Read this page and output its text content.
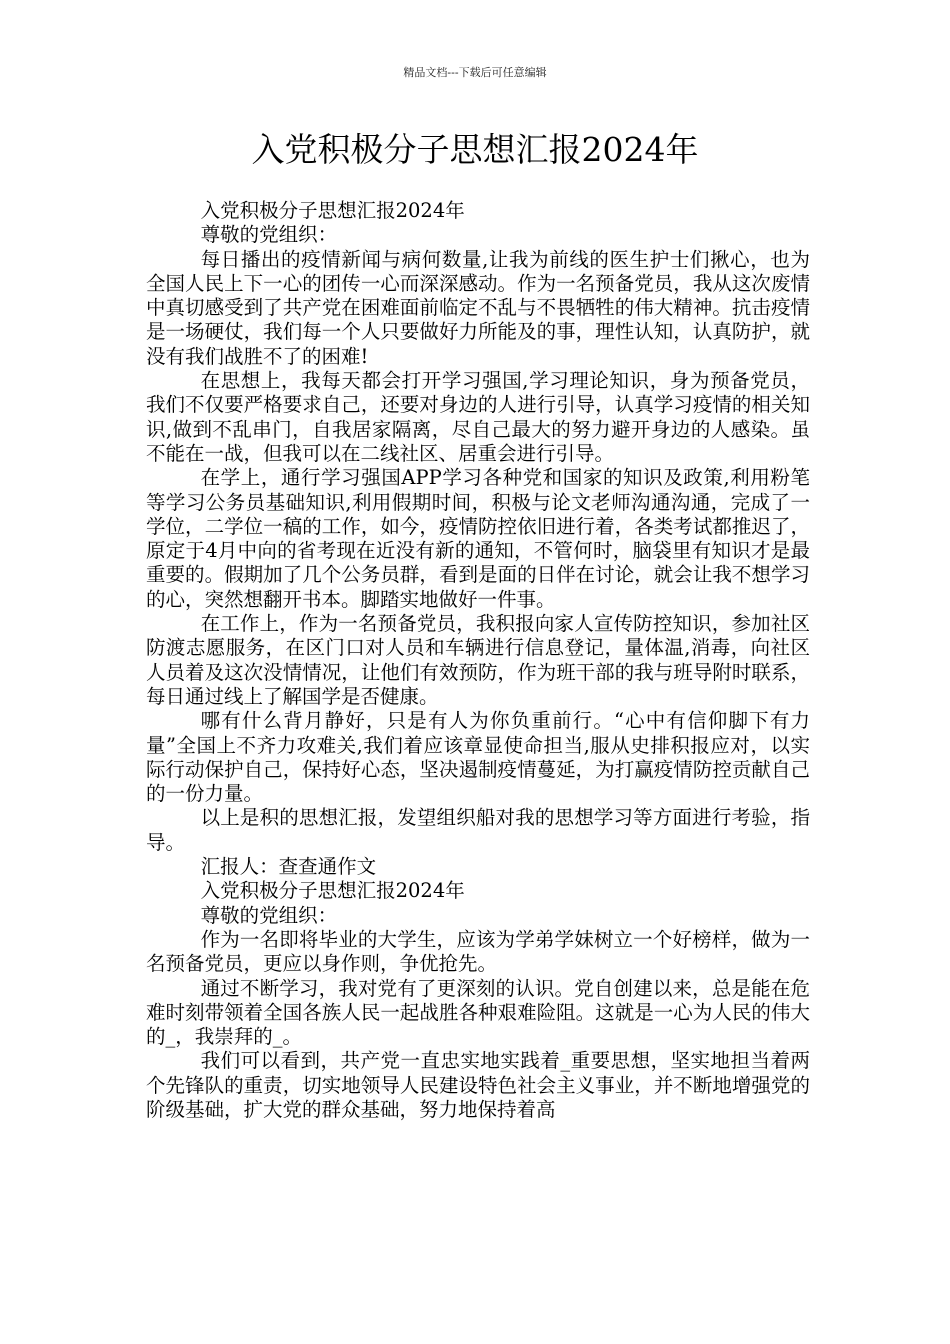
精品文档---下载后可任意编辑
入党积极分子思想汇报2024年

入党积极分子思想汇报2024年

尊敬的党组织：

每日播出的疫情新闻与病何数量,让我为前线的医生护士们揪心，也为全国人民上下一心的团传一心而深深感动。作为一名预备党员，我从这次废情中真切感受到了共产党在困难面前临定不乱与不畏牺牲的伟大精神。抗击疫情是一场硬仗，我们每一个人只要做好力所能及的事，理性认知，认真防护，就没有我们战胜不了的困难!

在思想上，我每天都会打开学习强国,学习理论知识，身为预备党员，我们不仅要严格要求自己，还要对身边的人进行引导，认真学习疫情的相关知识,做到不乱串门，自我居家隔离，尽自己最大的努力避开身边的人感染。虽不能在一战，但我可以在二线社区、居重会进行引导。

在学上，通行学习强国APP学习各种党和国家的知识及政策,利用粉笔等学习公务员基础知识,利用假期时间，积极与论文老师沟通沟通，完成了一学位，二学位一稿的工作，如今，疫情防控依旧进行着，各类考试都推迟了，原定于4月中向的省考现在近没有新的通知，不管何时，脑袋里有知识才是最重要的。假期加了几个公务员群，看到是面的日伴在讨论，就会让我不想学习的心，突然想翻开书本。脚踏实地做好一件事。

在工作上，作为一名预备党员，我积报向家人宣传防控知识，参加社区防渡志愿服务，在区门口对人员和车辆进行信息登记，量体温,消毒，向社区人员着及这次没情情况，让他们有效预防，作为班干部的我与班导附时联系，每日通过线上了解国学是否健康。

哪有什么背月静好，只是有人为你负重前行。“心中有信仰脚下有力量”全国上不齐力攻难关,我们着应该章显使命担当,服从史排积报应对，以实际行动保护自己，保持好心态，坚决遏制疫情蔓延，为打赢疫情防控贡献自己的一份力量。

以上是积的思想汇报，发望组织船对我的思想学习等方面进行考验，指导。

汇报人：查查通作文

入党积极分子思想汇报2024年

尊敬的党组织：

作为一名即将毕业的大学生，应该为学弟学妹树立一个好榜样，做为一名预备党员，更应以身作则，争优抢先。

通过不断学习，我对党有了更深刻的认识。党自创建以来，总是能在危难时刻带领着全国各族人民一起战胜各种艰难险阻。这就是一心为人民的伟大的_，我崇拜的_。

我们可以看到，共产党一直忠实地实践着_重要思想，坚实地担当着两个先锋队的重责，切实地领导人民建设特色社会主义事业，并不断地增强党的阶级基础，扩大党的群众基础，努力地保持着高
